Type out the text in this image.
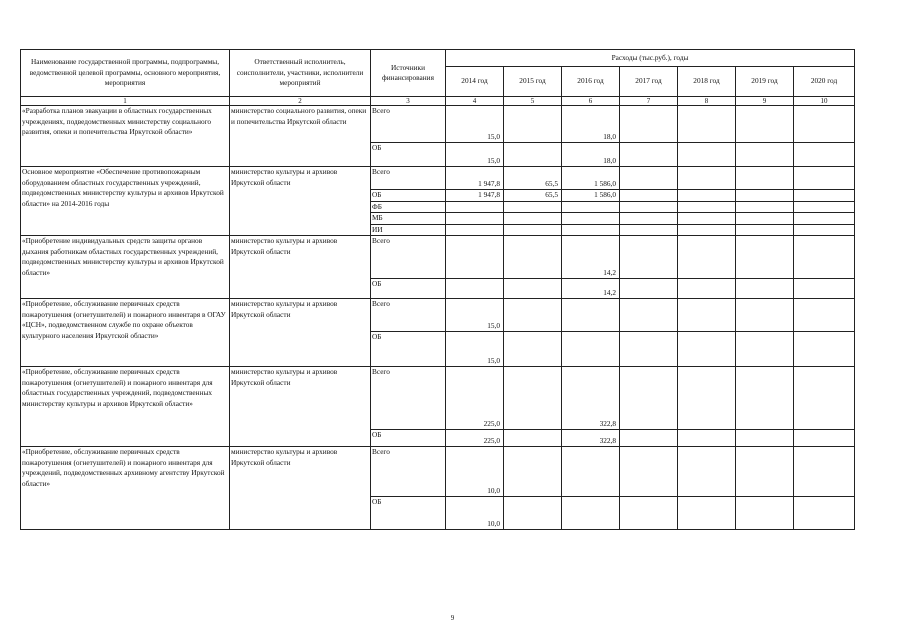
Наименование государственной программы, подпрограммы, ведомственной целевой программы, основного мероприятия, мероприятия	Ответственный исполнитель, соисполнители, участники, исполнители мероприятий	Источники финансирования	Расходы (тыс.руб.), годы						
			2014 год	2015 год	2016 год	2017 год	2018 год	2019 год	2020 год
1	2	3	4	5	6	7	8	9	10
«Разработка планов эвакуации в областных государственных учреждениях, подведомственных министерству социального развития, опеки и попечительства Иркутской области»	министерство социального развития, опеки и попечительства Иркутской области	Всего	15,0		18,0				
		ОБ	15,0		18,0				
Основное мероприятие «Обеспечение противопожарным оборудованием областных государственных учреждений, подведомственных министерству культуры и архивов Иркутской области» на 2014-2016 годы	министерство культуры и архивов Иркутской области	Всего	1 947,8	65,5	1 586,0				
		ОБ	1 947,8	65,5	1 586,0				
		ФБ							
		МБ							
		ИИ							
«Приобретение индивидуальных средств защиты органов дыхания работникам областных государственных учреждений, подведомственных министерству культуры и архивов Иркутской области»	министерство культуры и архивов Иркутской области	Всего			14,2				
		ОБ			14,2				
«Приобретение, обслуживание первичных средств пожаротушения (огнетушителей) и пожарного инвентаря в ОГАУ «ЦСН», подведомственном службе по охране объектов культурного населения Иркутской области»	министерство культуры и архивов Иркутской области	Всего	15,0						
		ОБ	15,0						
«Приобретение, обслуживание первичных средств пожаротушения (огнетушителей) и пожарного инвентаря для областных государственных учреждений, подведомственных министерству культуры и архивов Иркутской области»	министерство культуры и архивов Иркутской области	Всего	225,0		322,8				
		ОБ	225,0		322,8				
«Приобретение, обслуживание первичных средств пожаротушения (огнетушителей) и пожарного инвентаря для учреждений, подведомственных архивному агентству Иркутской области»	министерство культуры и архивов Иркутской области	Всего	10,0						
		ОБ	10,0						
9
